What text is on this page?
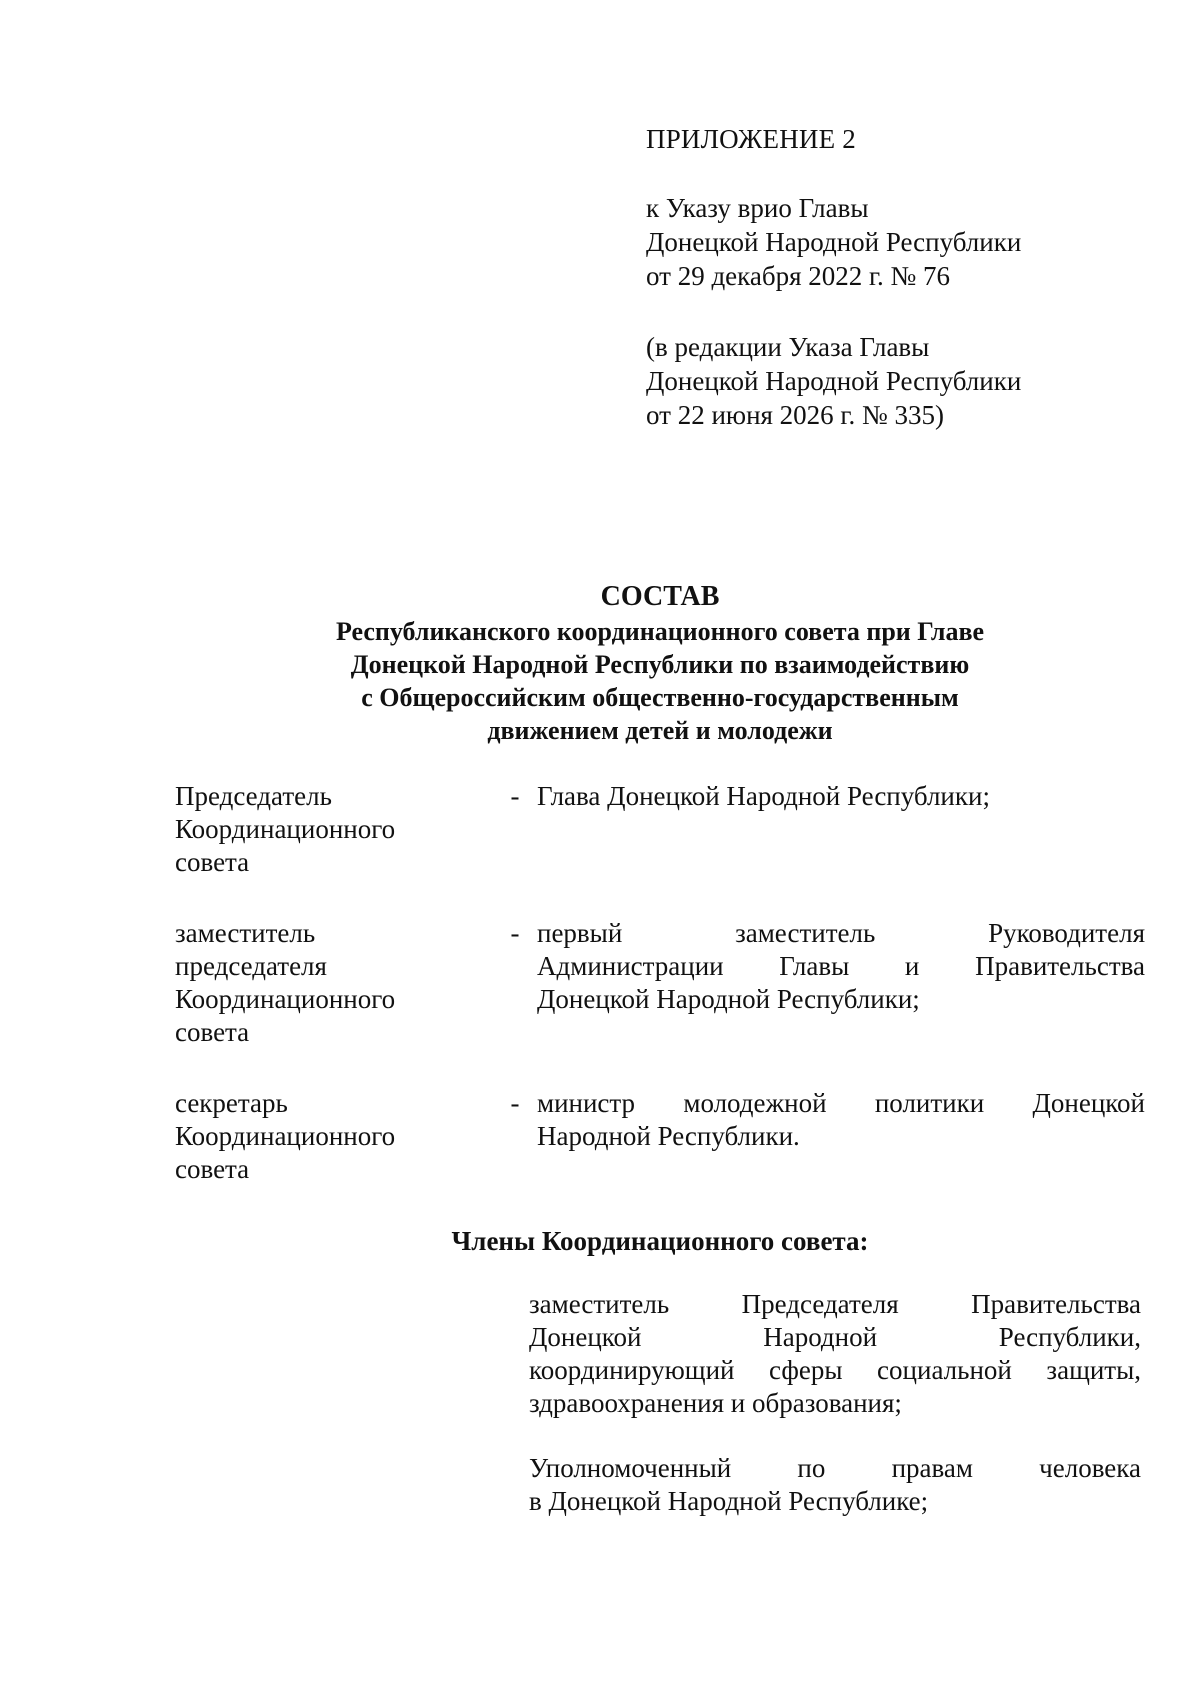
ПРИЛОЖЕНИЕ 2
к Указу врио Главы
Донецкой Народной Республики
от 29 декабря 2022 г. № 76
(в редакции Указа Главы
Донецкой Народной Республики
от 22 июня 2026 г. № 335)
СОСТАВ
Республиканского координационного совета при Главе
Донецкой Народной Республики по взаимодействию
с Общероссийским общественно-государственным
движением детей и молодежи
Председатель
Координационного
совета
- Глава Донецкой Народной Республики;
заместитель
председателя
Координационного
совета
- первый заместитель Руководителя
Администрации Главы и Правительства
Донецкой Народной Республики;
секретарь
Координационного
совета
- министр молодежной политики Донецкой
Народной Республики.
Члены Координационного совета:
заместитель Председателя Правительства
Донецкой Народной Республики,
координирующий сферы социальной защиты,
здравоохранения и образования;
Уполномоченный по правам человека
в Донецкой Народной Республике;
